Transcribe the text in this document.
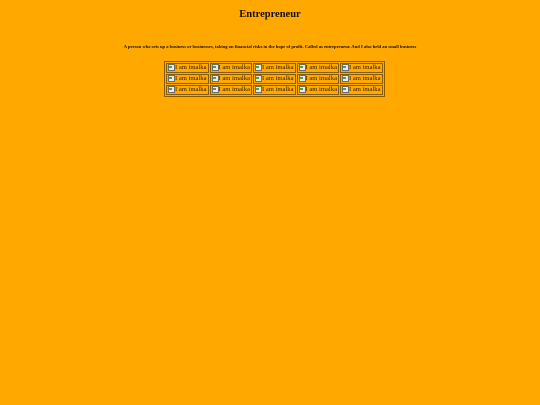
Entrepreneur

A person who sets up a business or businesses, taking on financial risks in the hope of profit. Called as entrepreneur. And I also held an small business

I am imalka	I am imalka	I am imalka	I am imalka	I am imalka
I am imalka	I am imalka	I am imalka	I am imalka	I am imalka
I am imalka	I am imalka	I am imalka	I am imalka	I am imalka
